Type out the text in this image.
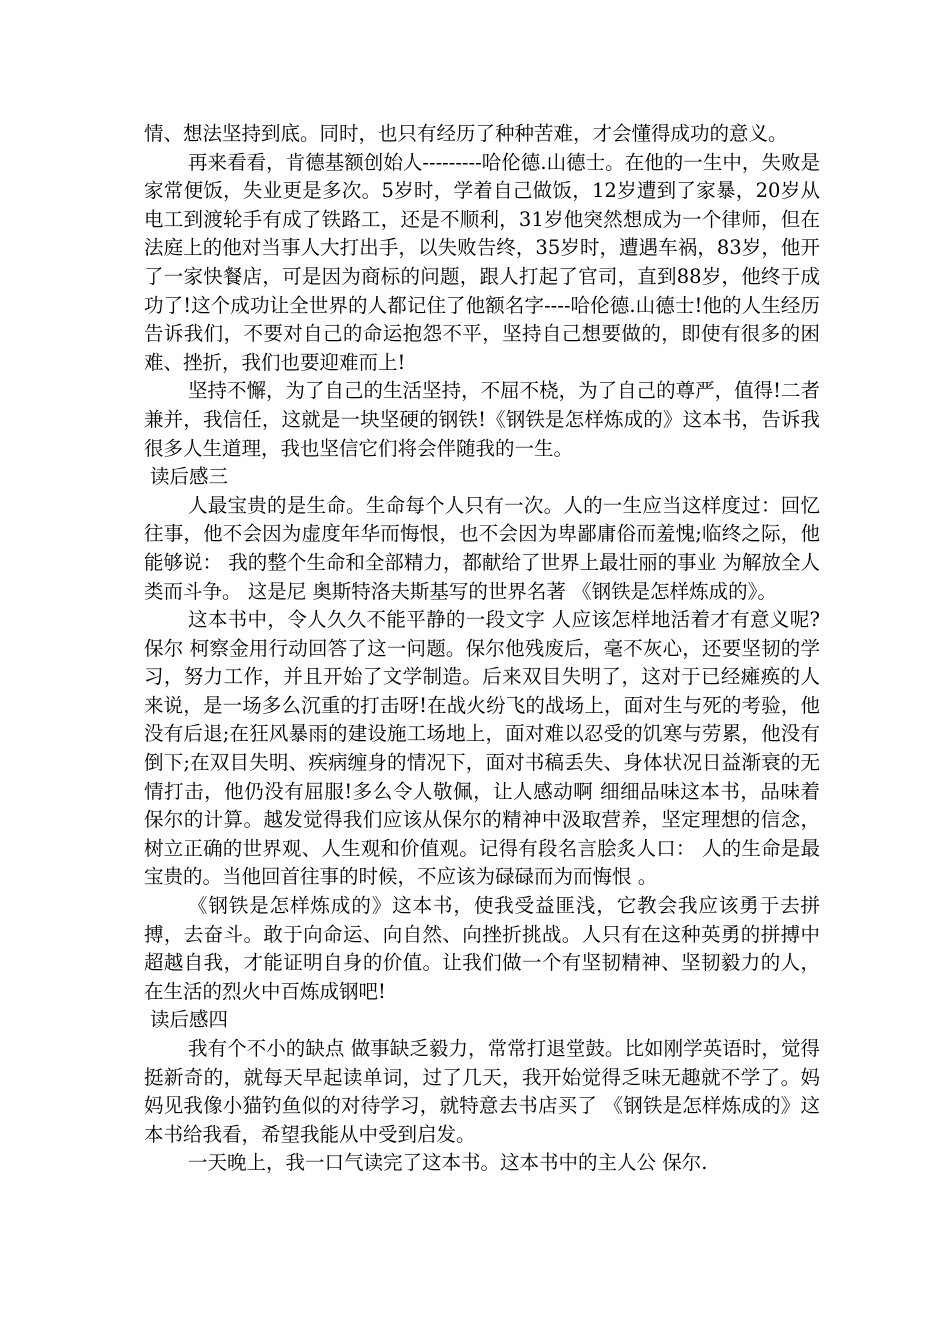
情、想法坚持到底。同时，也只有经历了种种苦难，才会懂得成功的意义。

再来看看，肯德基额创始人---------哈伦德.山德士。在他的一生中，失败是家常便饭，失业更是多次。5岁时，学着自己做饭，12岁遭到了家暴，20岁从电工到渡轮手有成了铁路工，还是不顺利，31岁他突然想成为一个律师，但在法庭上的他对当事人大打出手，以失败告终，35岁时，遭遇车祸，83岁，他开了一家快餐店，可是因为商标的问题，跟人打起了官司，直到88岁，他终于成功了!这个成功让全世界的人都记住了他额名字----哈伦德.山德士!他的人生经历告诉我们，不要对自己的命运抱怨不平，坚持自己想要做的，即使有很多的困难、挫折，我们也要迎难而上!

坚持不懈，为了自己的生活坚持，不屈不桡，为了自己的尊严，值得!二者兼并，我信任，这就是一块坚硬的钢铁!《钢铁是怎样炼成的》这本书，告诉我很多人生道理，我也坚信它们将会伴随我的一生。

读后感三

人最宝贵的是生命。生命每个人只有一次。人的一生应当这样度过：回忆往事，他不会因为虚度年华而悔恨，也不会因为卑鄙庸俗而羞愧;临终之际，他能够说： 我的整个生命和全部精力，都献给了世界上最壮丽的事业 为解放全人类而斗争。 这是尼 奥斯特洛夫斯基写的世界名著 《钢铁是怎样炼成的》。

这本书中，令人久久不能平静的一段文字 人应该怎样地活着才有意义呢? 保尔 柯察金用行动回答了这一问题。保尔他残废后，毫不灰心，还要坚韧的学习，努力工作，并且开始了文学制造。后来双目失明了，这对于已经瘫痪的人来说，是一场多么沉重的打击呀!在战火纷飞的战场上，面对生与死的考验，他没有后退;在狂风暴雨的建设施工场地上，面对难以忍受的饥寒与劳累，他没有倒下;在双目失明、疾病缠身的情况下，面对书稿丢失、身体状况日益渐衰的无情打击，他仍没有屈服!多么令人敬佩，让人感动啊 细细品味这本书，品味着保尔的计算。越发觉得我们应该从保尔的精神中汲取营养，坚定理想的信念，树立正确的世界观、人生观和价值观。记得有段名言脍炙人口： 人的生命是最宝贵的。当他回首往事的时候，不应该为碌碌而为而悔恨 。

《钢铁是怎样炼成的》这本书，使我受益匪浅，它教会我应该勇于去拼搏，去奋斗。敢于向命运、向自然、向挫折挑战。人只有在这种英勇的拼搏中超越自我，才能证明自身的价值。让我们做一个有坚韧精神、坚韧毅力的人，在生活的烈火中百炼成钢吧!

读后感四

我有个不小的缺点 做事缺乏毅力，常常打退堂鼓。比如刚学英语时，觉得挺新奇的，就每天早起读单词，过了几天，我开始觉得乏味无趣就不学了。妈妈见我像小猫钓鱼似的对待学习，就特意去书店买了 《钢铁是怎样炼成的》这本书给我看，希望我能从中受到启发。

一天晚上，我一口气读完了这本书。这本书中的主人公 保尔.
